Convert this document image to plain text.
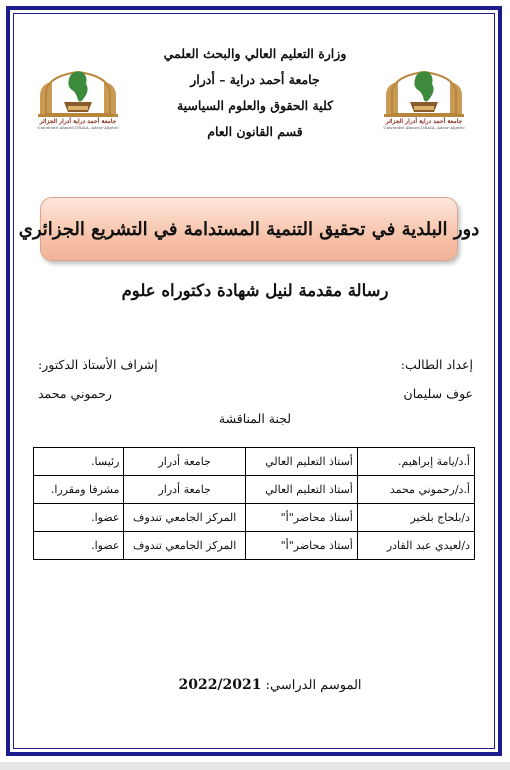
وزارة التعليم العالي والبحث العلمي
جامعة أحمد دراية – أدرار
كلية الحقوق والعلوم السياسية
قسم القانون العام
جامعة أحمد دراية أدرار الجزائر
Université Ahmed DRAIA, Adrar-Algérie
جامعة أحمد دراية أدرار الجزائر
Université Ahmed DRAIA, Adrar-Algérie
دور البلدية في تحقيق التنمية المستدامة في التشريع الجزائري
رسالة مقدمة لنيل شهادة دكتوراه علوم
إعداد الطالب:
عوف سليمان
إشراف الأستاذ الدكتور:
رحموني محمد
لجنة المناقشة
أ.د/يامة إبراهيم.	أستاذ التعليم العالي	جامعة أدرار	رئيسا.
أ.د/رحموني محمد	أستاذ التعليم العالي	جامعة أدرار	مشرفا ومقررا.
د/بلحاج بلخير	أستاذ محاضر"أ"	المركز الجامعي تندوف	عضوا.
د/لعيدي عبد القادر	أستاذ محاضر"أ"	المركز الجامعي تندوف	عضوا.
الموسم الدراسي: 2022/2021
